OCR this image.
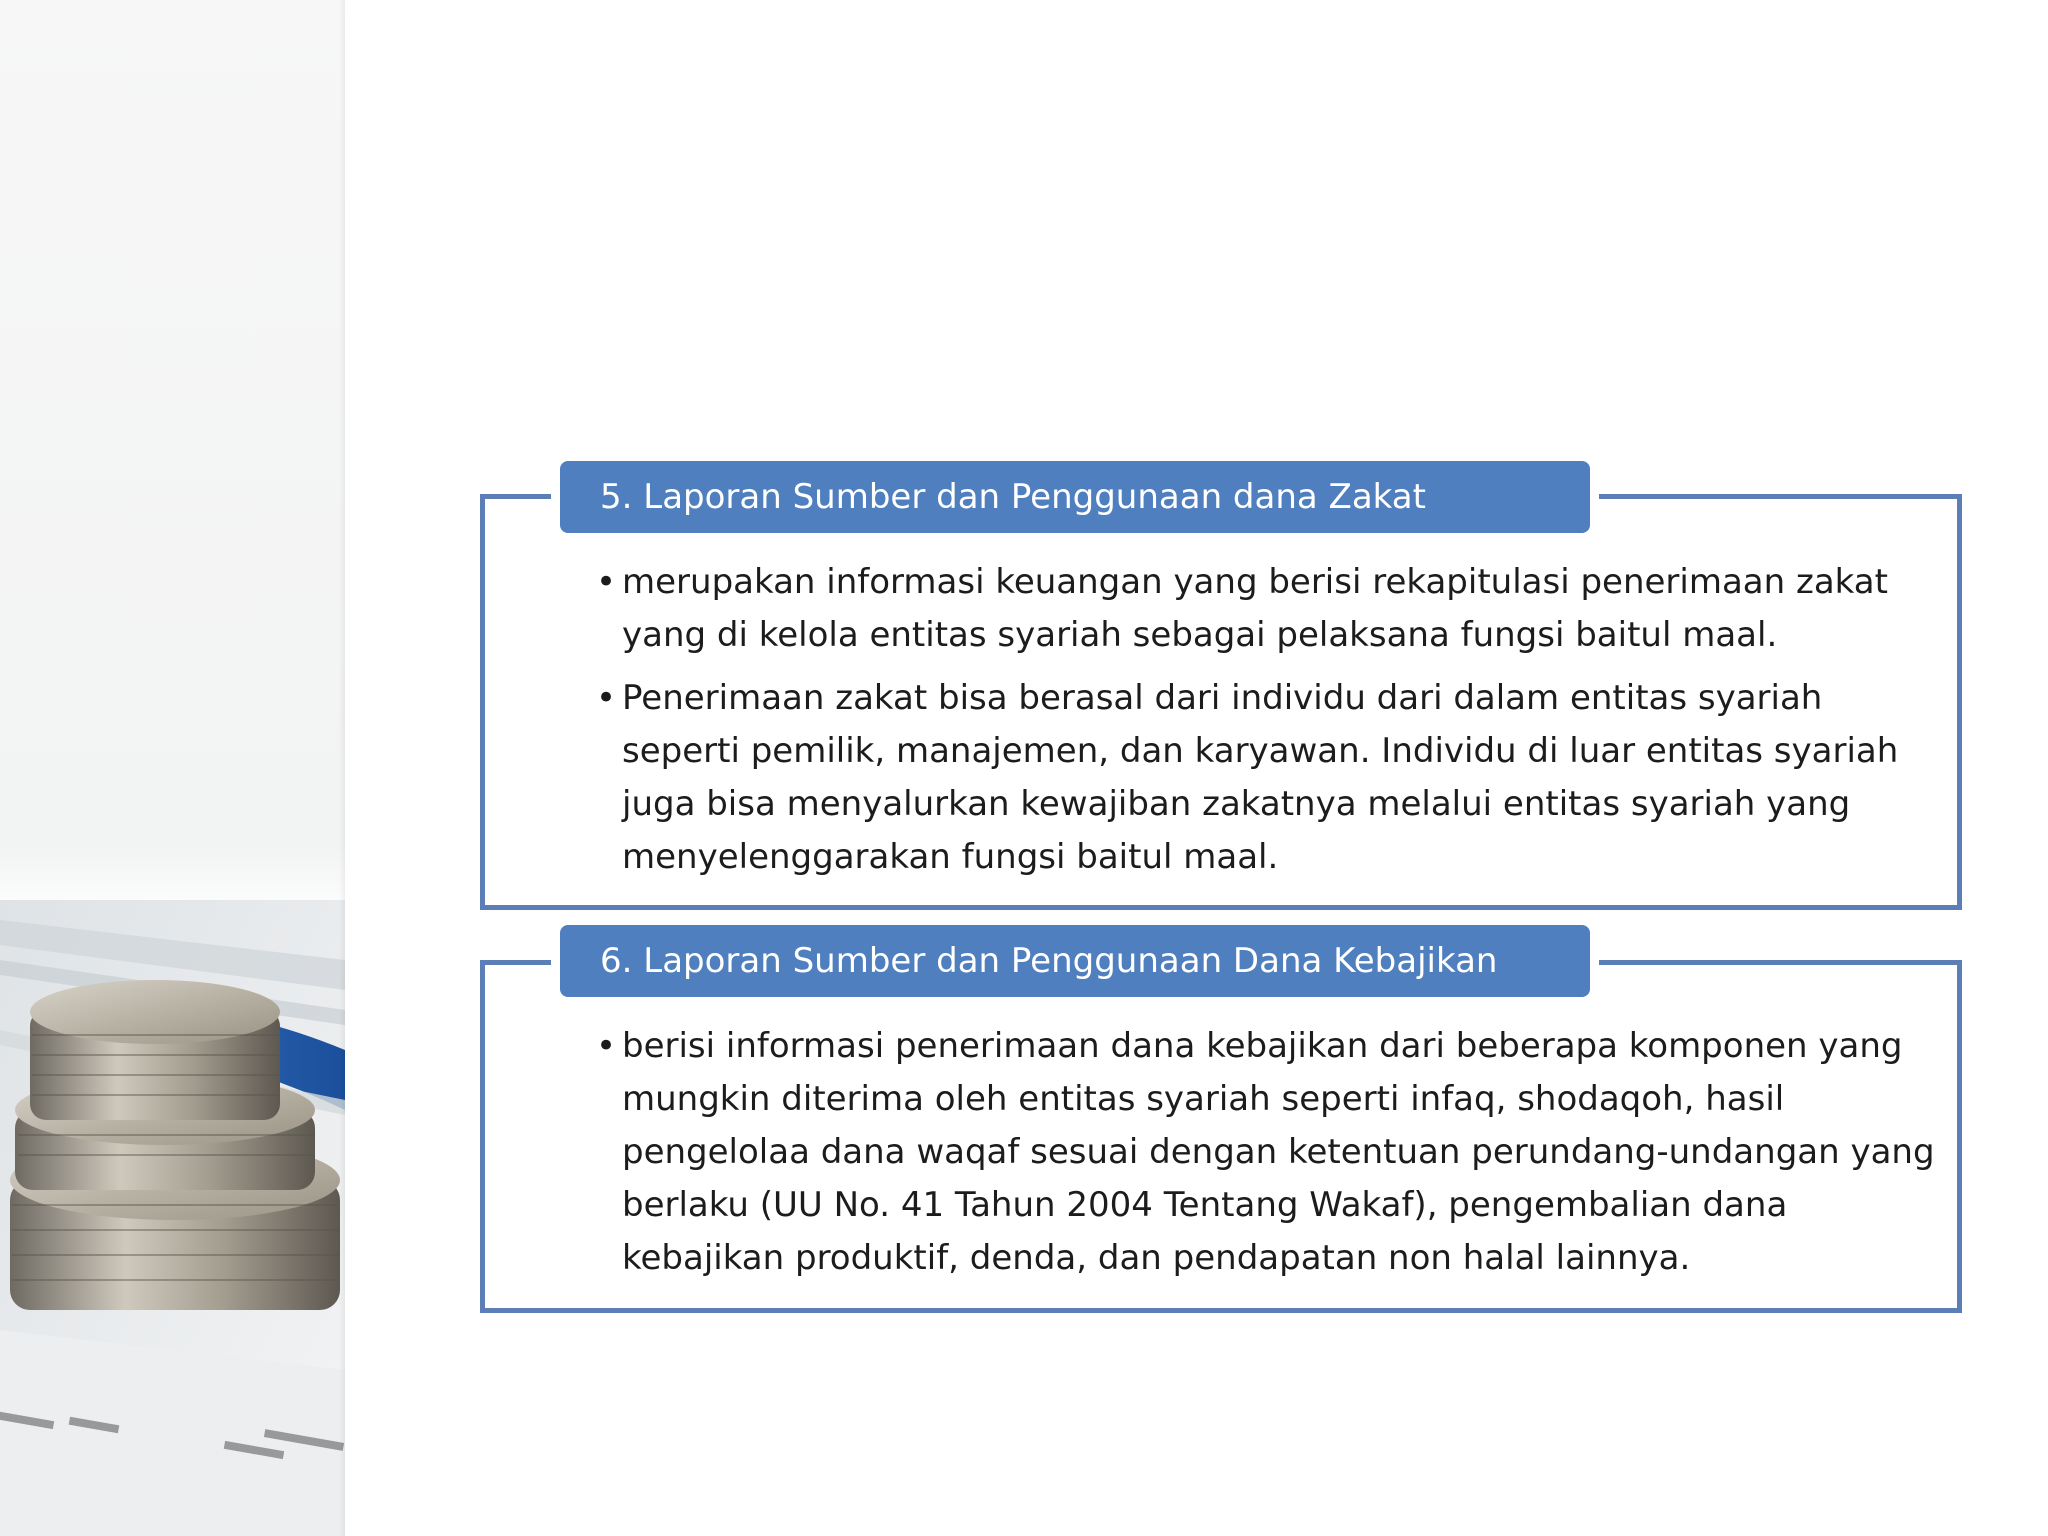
5. Laporan Sumber dan Penggunaan dana Zakat
• merupakan informasi keuangan yang berisi rekapitulasi penerimaan zakat yang di kelola entitas syariah sebagai pelaksana fungsi baitul maal.
• Penerimaan zakat bisa berasal dari individu dari dalam entitas syariah seperti pemilik, manajemen, dan karyawan. Individu di luar entitas syariah juga bisa menyalurkan kewajiban zakatnya melalui entitas syariah yang menyelenggarakan fungsi baitul maal.
6. Laporan Sumber dan Penggunaan Dana Kebajikan
• berisi informasi penerimaan dana kebajikan dari beberapa komponen yang mungkin diterima oleh entitas syariah seperti infaq, shodaqoh, hasil pengelolaa dana waqaf sesuai dengan ketentuan perundang-undangan yang berlaku (UU No. 41 Tahun 2004 Tentang Wakaf), pengembalian dana kebajikan produktif, denda, dan pendapatan non halal lainnya.
